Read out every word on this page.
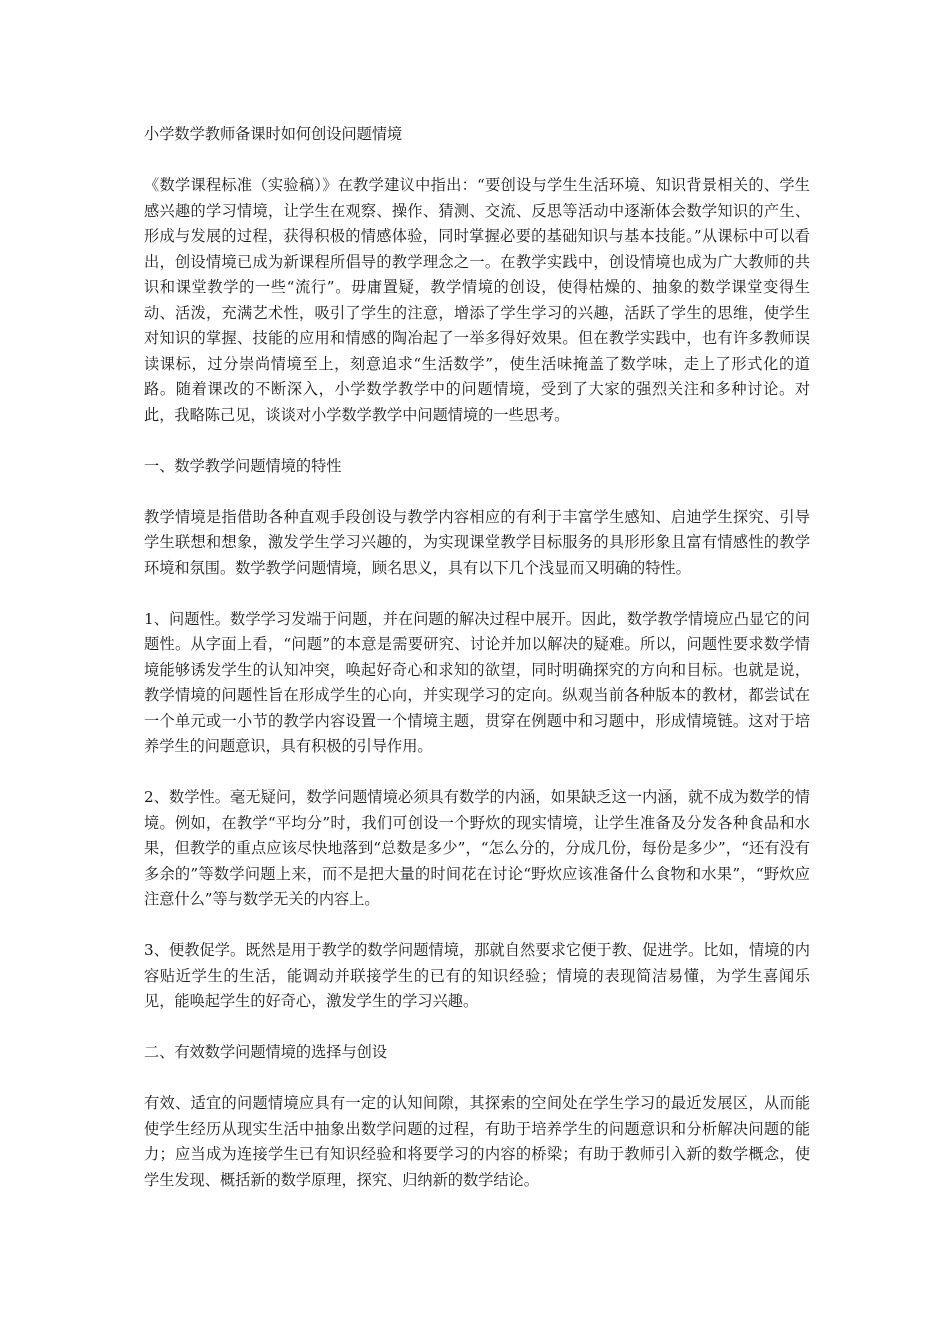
小学数学教师备课时如何创设问题情境

《数学课程标准（实验稿）》在教学建议中指出：“要创设与学生生活环境、知识背景相关的、学生感兴趣的学习情境，让学生在观察、操作、猜测、交流、反思等活动中逐渐体会数学知识的产生、形成与发展的过程，获得积极的情感体验，同时掌握必要的基础知识与基本技能。”从课标中可以看出，创设情境已成为新课程所倡导的教学理念之一。在教学实践中，创设情境也成为广大教师的共识和课堂教学的一些“流行”。毋庸置疑，教学情境的创设，使得枯燥的、抽象的数学课堂变得生动、活泼，充满艺术性，吸引了学生的注意，增添了学生学习的兴趣，活跃了学生的思维，使学生对知识的掌握、技能的应用和情感的陶冶起了一举多得好效果。但在教学实践中，也有许多教师误读课标，过分崇尚情境至上，刻意追求“生活数学”，使生活味掩盖了数学味，走上了形式化的道路。随着课改的不断深入，小学数学教学中的问题情境，受到了大家的强烈关注和多种讨论。对此，我略陈己见，谈谈对小学数学教学中问题情境的一些思考。

一、数学教学问题情境的特性

教学情境是指借助各种直观手段创设与教学内容相应的有利于丰富学生感知、启迪学生探究、引导学生联想和想象，激发学生学习兴趣的，为实现课堂教学目标服务的具形形象且富有情感性的教学环境和氛围。数学教学问题情境，顾名思义，具有以下几个浅显而又明确的特性。

1、问题性。数学学习发端于问题，并在问题的解决过程中展开。因此，数学教学情境应凸显它的问题性。从字面上看，“问题”的本意是需要研究、讨论并加以解决的疑难。所以，问题性要求数学情境能够诱发学生的认知冲突，唤起好奇心和求知的欲望，同时明确探究的方向和目标。也就是说，教学情境的问题性旨在形成学生的心向，并实现学习的定向。纵观当前各种版本的教材，都尝试在一个单元或一小节的教学内容设置一个情境主题，贯穿在例题中和习题中，形成情境链。这对于培养学生的问题意识，具有积极的引导作用。

2、数学性。毫无疑问，数学问题情境必须具有数学的内涵，如果缺乏这一内涵，就不成为数学的情境。例如，在教学“平均分”时，我们可创设一个野炊的现实情境，让学生准备及分发各种食品和水果，但教学的重点应该尽快地落到“总数是多少”，“怎么分的，分成几份，每份是多少”，“还有没有多余的”等数学问题上来，而不是把大量的时间花在讨论“野炊应该准备什么食物和水果”，“野炊应注意什么”等与数学无关的内容上。

3、便教促学。既然是用于教学的数学问题情境，那就自然要求它便于教、促进学。比如，情境的内容贴近学生的生活，能调动并联接学生的已有的知识经验；情境的表现简洁易懂，为学生喜闻乐见，能唤起学生的好奇心，激发学生的学习兴趣。

二、有效数学问题情境的选择与创设

有效、适宜的问题情境应具有一定的认知间隙，其探索的空间处在学生学习的最近发展区，从而能使学生经历从现实生活中抽象出数学问题的过程，有助于培养学生的问题意识和分析解决问题的能力；应当成为连接学生已有知识经验和将要学习的内容的桥梁；有助于教师引入新的数学概念，使学生发现、概括新的数学原理，探究、归纳新的数学结论。
